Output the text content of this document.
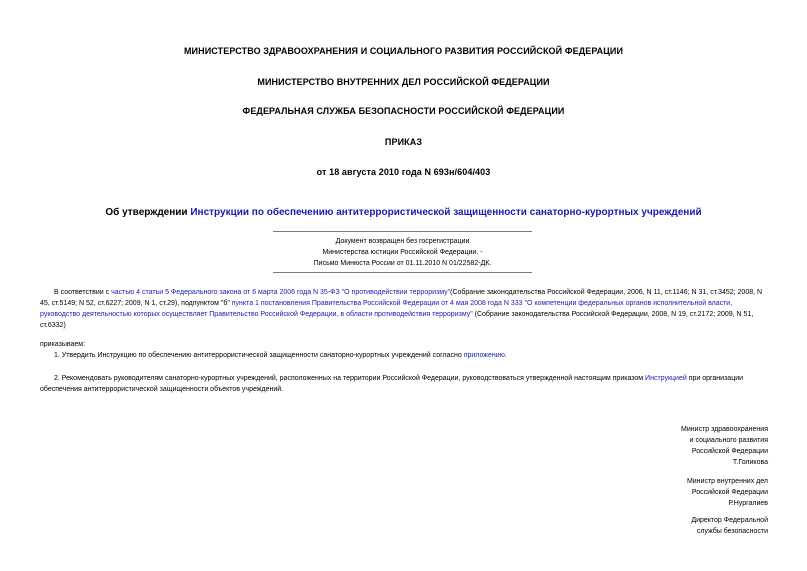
МИНИСТЕРСТВО ЗДРАВООХРАНЕНИЯ И СОЦИАЛЬНОГО РАЗВИТИЯ РОССИЙСКОЙ ФЕДЕРАЦИИ
МИНИСТЕРСТВО ВНУТРЕННИХ ДЕЛ РОССИЙСКОЙ ФЕДЕРАЦИИ
ФЕДЕРАЛЬНАЯ СЛУЖБА БЕЗОПАСНОСТИ РОССИЙСКОЙ ФЕДЕРАЦИИ
ПРИКАЗ
от 18 августа 2010 года N 693н/604/403
Об утверждении Инструкции по обеспечению антитеррористической защищенности санаторно-курортных учреждений
Документ возвращен без госрегистрации
Министерства юстиции Российской Федерации. -
Письмо Минюста России от 01.11.2010 N 01/22582-ДК.
В соответствии с частью 4 статьи 5 Федерального закона от 6 марта 2006 года N 35-ФЗ "О противодействии терроризму"(Собрание законодательства Российской Федерации, 2006, N 11, ст.1146; N 31, ст.3452; 2008, N 45, ст.5149; N 52, ст.6227; 2009, N 1, ст.29), подпунктом "б" пункта 1 постановления Правительства Российской Федерации от 4 мая 2008 года N 333 "О компетенции федеральных органов исполнительной власти, руководство деятельностью которых осуществляет Правительство Российской Федерации, в области противодействия терроризму" (Собрание законодательства Российской Федерации, 2008, N 19, ст.2172; 2009, N 51, ст.6332)
приказываем:
1. Утвердить Инструкцию по обеспечению антитеррористической защищенности санаторно-курортных учреждений согласно приложению.
2. Рекомендовать руководителям санаторно-курортных учреждений, расположенных на территории Российской Федерации, руководствоваться утвержденной настоящим приказом Инструкцией при организации обеспечения антитеррористической защищенности объектов учреждений.
Министр здравоохранения
и социального развития
Российской Федерации
Т.Голикова
Министр внутренних дел
Российской Федерации
Р.Нургалиев
Директор Федеральной
службы безопасности
